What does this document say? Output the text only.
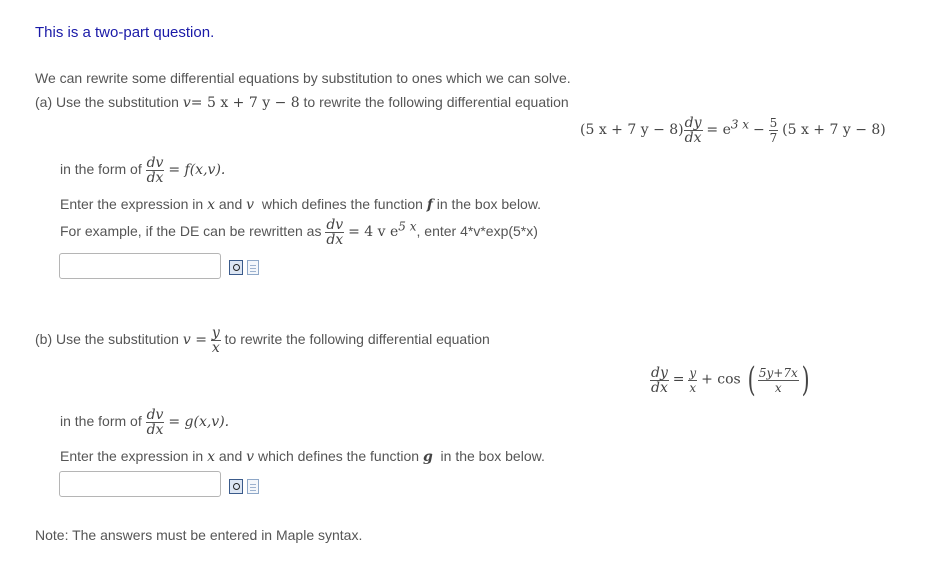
This is a two-part question.
We can rewrite some differential equations by substitution to ones which we can solve.
(a) Use the substitution v= 5 x + 7 y − 8 to rewrite the following differential equation
(5 x + 7 $y - 8) \frac{dy}{dx} = e^{3 x} - \frac{5}{7} (5$ x + 7 y − 8)
in the form of $\frac{dv}{dx} = f(x,v)$.
Enter the expression in x and v which defines the function f in the box below.
For example, if the DE can be rewritten as $\frac{dv}{dx} = 4$ v $e^{5 x}$, enter 4*v*exp(5*x)
(b) Use the substitution $v = \frac{y}{x}$ to rewrite the following differential equation
$\frac{dy}{dx} = \frac{y}{x} + \cos$ ( $\frac{5y+7x}{x}$ )
in the form of $\frac{dv}{dx} = g(x,v)$.
Enter the expression in x and v which defines the function g in the box below.
Note: The answers must be entered in Maple syntax.
